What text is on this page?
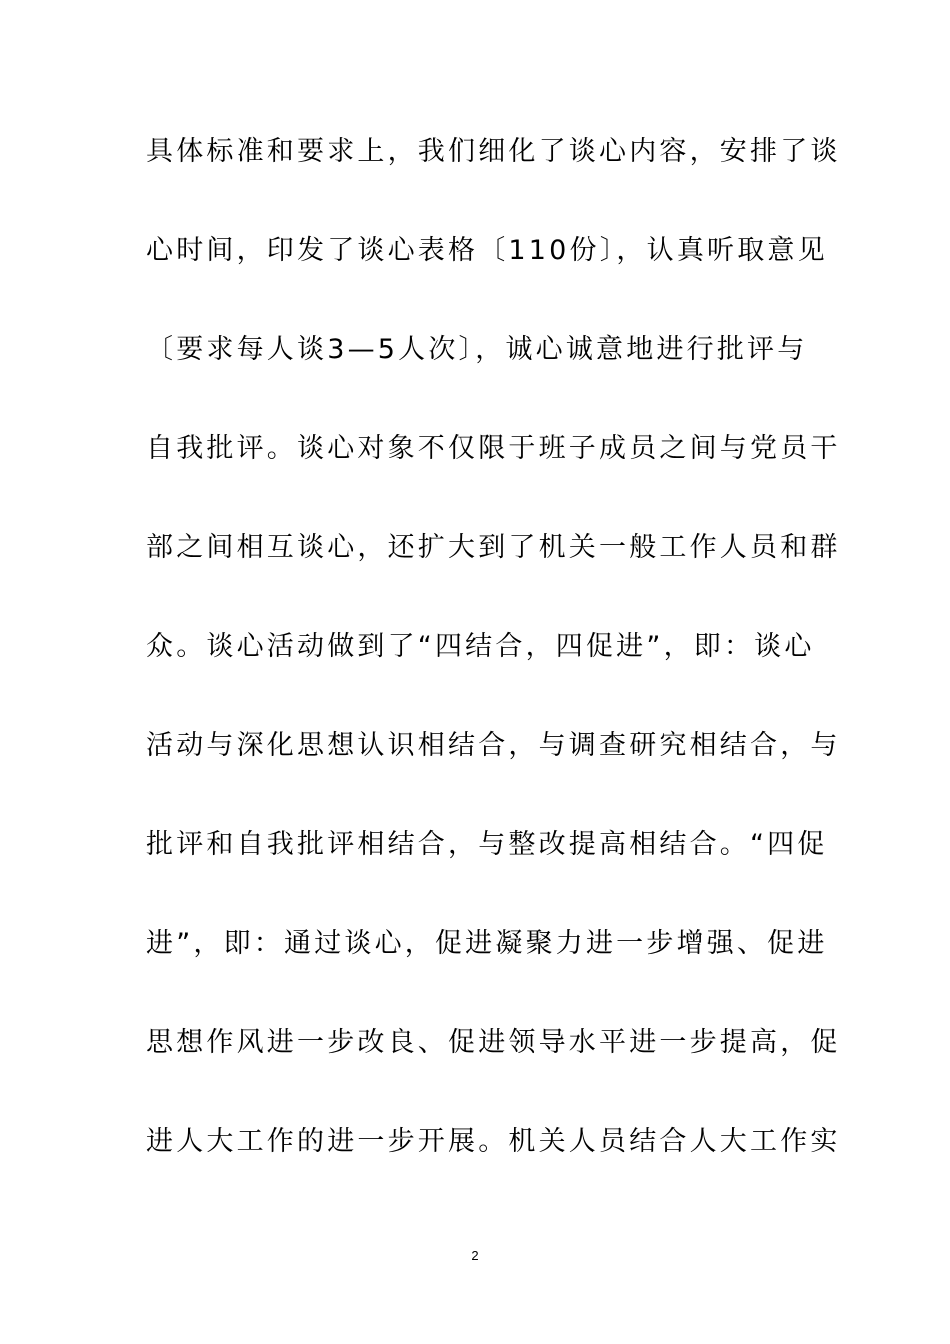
具体标准和要求上，我们细化了谈心内容，安排了谈
心时间，印发了谈心表格〔110份〕，认真听取意见
〔要求每人谈3—5人次〕，诚心诚意地进行批评与
自我批评。谈心对象不仅限于班子成员之间与党员干
部之间相互谈心，还扩大到了机关一般工作人员和群
众。谈心活动做到了“四结合，四促进”，即：谈心
活动与深化思想认识相结合，与调查研究相结合，与
批评和自我批评相结合，与整改提高相结合。“四促
进”，即：通过谈心，促进凝聚力进一步增强、促进
思想作风进一步改良、促进领导水平进一步提高，促
进人大工作的进一步开展。机关人员结合人大工作实
2
